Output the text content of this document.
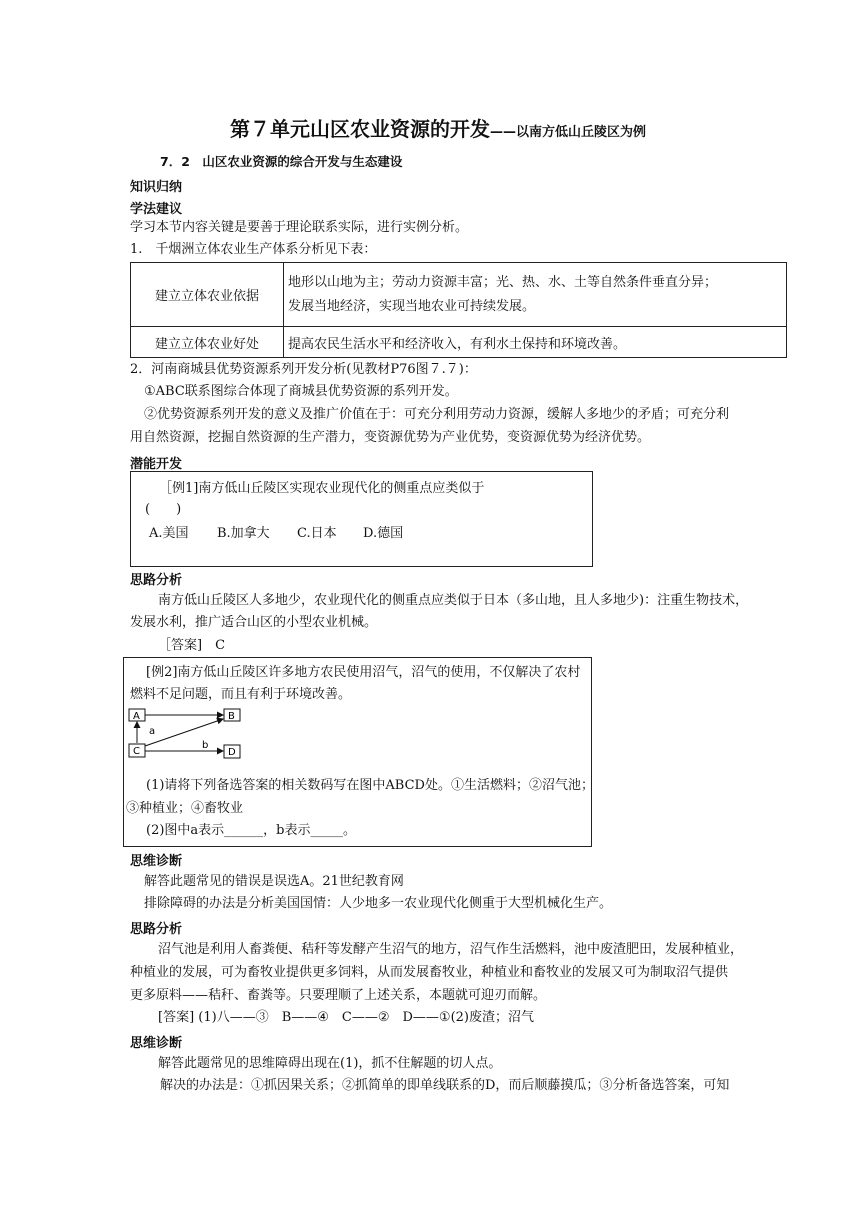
第７单元山区农业资源的开发——以南方低山丘陵区为例
7．2　山区农业资源的综合开发与生态建设
知识归纳
学法建议
学习本节内容关键是要善于理论联系实际，进行实例分析。
1.　千烟洲立体农业生产体系分析见下表：
建立立体农业依据	地形以山地为主；劳动力资源丰富；光、热、水、土等自然条件垂直分异；
发展当地经济，实现当地农业可持续发展。

建立立体农业好处	提高农民生活水平和经济收入，有利水土保持和环境改善。
2．河南商城县优势资源系列开发分析(见教材P76图７.７)：
①ABC联系图综合体现了商城县优势资源的系列开发。
②优势资源系列开发的意义及推广价值在于：可充分利用劳动力资源，缓解人多地少的矛盾；可充分利
用自然资源，挖掘自然资源的生产潜力，变资源优势为产业优势，变资源优势为经济优势。
潜能开发
［例1]南方低山丘陵区实现农业现代化的侧重点应类似于
(　　)
A.美国 B.加拿大 C.日本 D.德国
思路分析
南方低山丘陵区人多地少，农业现代化的侧重点应类似于日本（多山地，且人多地少)：注重生物技术，
发展水利，推广适合山区的小型农业机械。
［答案]　C
[例2]南方低山丘陵区许多地方农民使用沼气，沼气的使用，不仅解决了农村
燃料不足问题，而且有利于环境改善。
A	B
C	D
a
b
(1)请将下列备选答案的相关数码写在图中ABCD处。①生活燃料；②沼气池；
③种植业；④畜牧业
(2)图中a表示______，b表示_____。
思维诊断
解答此题常见的错误是误选A。21世纪教育网
排除障碍的办法是分析美国国情：人少地多一农业现代化侧重于大型机械化生产。
思路分析
沼气池是利用人畜粪便、秸秆等发酵产生沼气的地方，沼气作生活燃料，池中废渣肥田，发展种植业，
种植业的发展，可为畜牧业提供更多饲料，从而发展畜牧业，种植业和畜牧业的发展又可为制取沼气提供
更多原料——秸秆、畜粪等。只要理顺了上述关系，本题就可迎刃而解。
[答案] (1)八——③　B——④　C——②　D——①(2)废渣；沼气
思维诊断
解答此题常见的思维障碍出现在(1)，抓不住解题的切人点。
解决的办法是：①抓因果关系；②抓简单的即单线联系的D，而后顺藤摸瓜；③分析备选答案，可知
